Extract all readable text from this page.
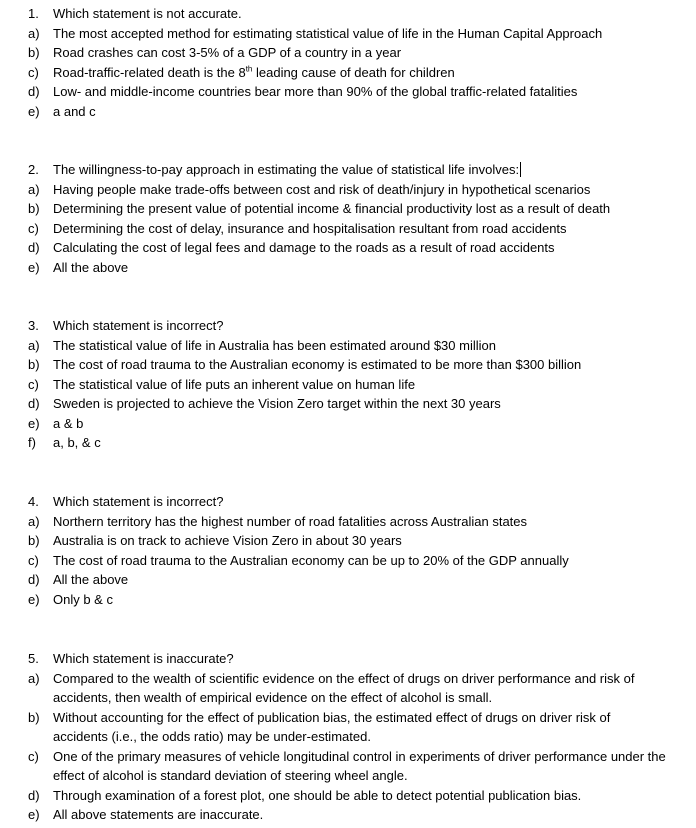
1.	Which statement is not accurate.
a)	The most accepted method for estimating statistical value of life in the Human Capital Approach
b)	Road crashes can cost 3-5% of a GDP of a country in a year
c)	Road-traffic-related death is the 8th leading cause of death for children
d)	Low- and middle-income countries bear more than 90% of the global traffic-related fatalities
e)	a and c
2.	The willingness-to-pay approach in estimating the value of statistical life involves:
a)	Having people make trade-offs between cost and risk of death/injury in hypothetical scenarios
b)	Determining the present value of potential income & financial productivity lost as a result of death
c)	Determining the cost of delay, insurance and hospitalisation resultant from road accidents
d)	Calculating the cost of legal fees and damage to the roads as a result of road accidents
e)	All the above
3.	Which statement is incorrect?
a)	The statistical value of life in Australia has been estimated around $30 million
b)	The cost of road trauma to the Australian economy is estimated to be more than $300 billion
c)	The statistical value of life puts an inherent value on human life
d)	Sweden is projected to achieve the Vision Zero target within the next 30 years
e)	a & b
f)	a, b, & c
4.	Which statement is incorrect?
a)	Northern territory has the highest number of road fatalities across Australian states
b)	Australia is on track to achieve Vision Zero in about 30 years
c)	The cost of road trauma to the Australian economy can be up to 20% of the GDP annually
d)	All the above
e)	Only b & c
5.	Which statement is inaccurate?
a)	Compared to the wealth of scientific evidence on the effect of drugs on driver performance and risk of accidents, then wealth of empirical evidence on the effect of alcohol is small.
b)	Without accounting for the effect of publication bias, the estimated effect of drugs on driver risk of accidents (i.e., the odds ratio) may be under-estimated.
c)	One of the primary measures of vehicle longitudinal control in experiments of driver performance under the effect of alcohol is standard deviation of steering wheel angle.
d)	Through examination of a forest plot, one should be able to detect potential publication bias.
e)	All above statements are inaccurate.
